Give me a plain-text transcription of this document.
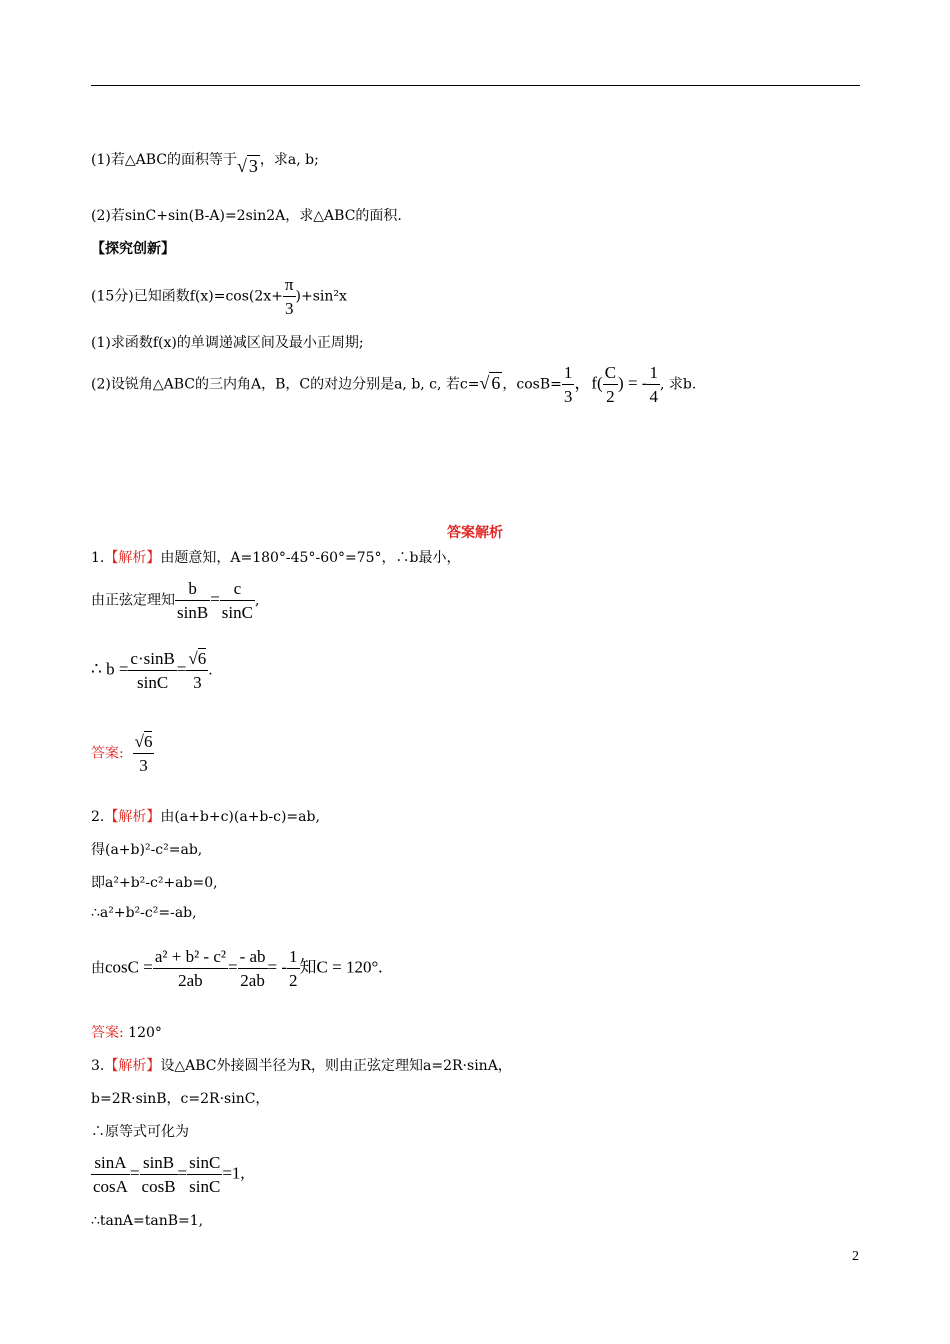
(1)若△ABC的面积等于√ 3 ，求a, b;
(2)若sinC+sin(B-A)=2sin2A，求△ABC的面积.
【探究创新】
(15分)已知函数$f(x)=\cos(2x+ \frac{\pi}{3} )+\sin^2x$
(1)求函数f(x)的单调递减区间及最小正周期;
(2)设锐角△ABC的三内角A，B，C的对边分别是a, b, c, 若c=√ 6 ，$\cos B= \frac{1}{3}$ ，$f( \frac{C}{2}$ ) = - $\frac{1}{4}$ , 求b.
答案解析
1.【解析】由题意知，A=180°-45°-60°=75°，∴b最小，
由正弦定理知 $\frac{b}{\sin B} = \frac{c}{\sin C}$ ,
∴ $b = \frac{c\cdot\sin B}{\sin C} = \frac{√6}{3}$ .
答案: $\frac{√6}{3}$
2.【解析】由(a+b+c)(a+b-c)=ab,
得(a+b)²-c²=ab,
即a²+b²-c²+ab=0,
∴a²+b²-c²=-ab,
由$\cos C = \frac{\text{a² + b² - c²}}{2ab} = \frac{- ab}{2ab}$ = - $\frac{1}{2}$ 知C = 120°.
答案: 120°
3.【解析】设△ABC外接圆半径为R，则由正弦定理知a=2R·sinA，
b=2R·sinB，c=2R·sinC，
∴原等式可化为
$\frac{\sin A}{\cos A} = \frac{\sin B}{\cos B} = \frac{\sin C}{\sin C} =1$,
∴tanA=tanB=1,
2
